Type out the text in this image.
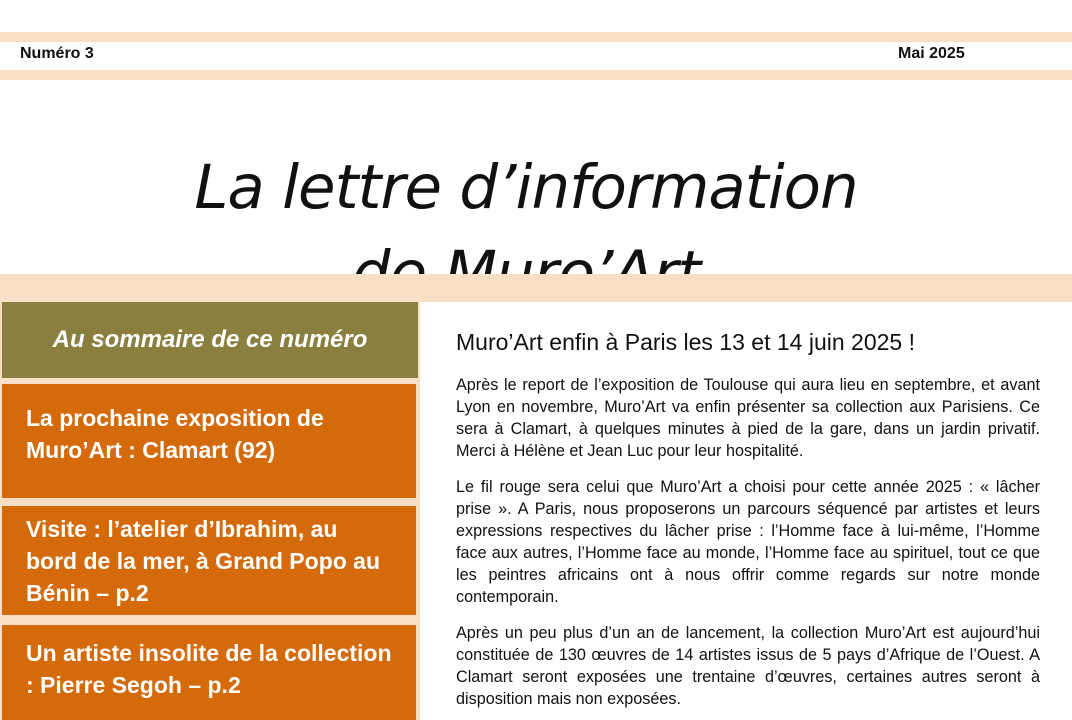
Numéro 3	Mai 2025
La lettre d’information

Au sommaire de ce numéro
La prochaine exposition de Muro’Art : Clamart (92)
Visite : l’atelier d’Ibrahim, au bord de la mer, à Grand Popo au Bénin – p.2
Un artiste insolite de la collection : Pierre Segoh – p.2
Muro’Art enfin à Paris les 13 et 14 juin 2025 !

Après le report de l’exposition de Toulouse qui aura lieu en septembre, et avant Lyon en novembre, Muro’Art va enfin présenter sa collection aux Parisiens. Ce sera à Clamart, à quelques minutes à pied de la gare, dans un jardin privatif. Merci à Hélène et Jean Luc pour leur hospitalité.

Le fil rouge sera celui que Muro’Art a choisi pour cette année 2025 : « lâcher prise ». A Paris, nous proposerons un parcours séquencé par artistes et leurs expressions respectives du lâcher prise : l’Homme face à lui-même, l’Homme face aux autres, l’Homme face au monde, l’Homme face au spirituel, tout ce que les peintres africains ont à nous offrir comme regards sur notre monde contemporain.

Après un peu plus d’un an de lancement, la collection Muro’Art est aujourd’hui constituée de 130 œuvres de 14 artistes issus de 5 pays d’Afrique de l’Ouest. A Clamart seront exposées une trentaine d’œuvres, certaines autres seront à disposition mais non exposées.
